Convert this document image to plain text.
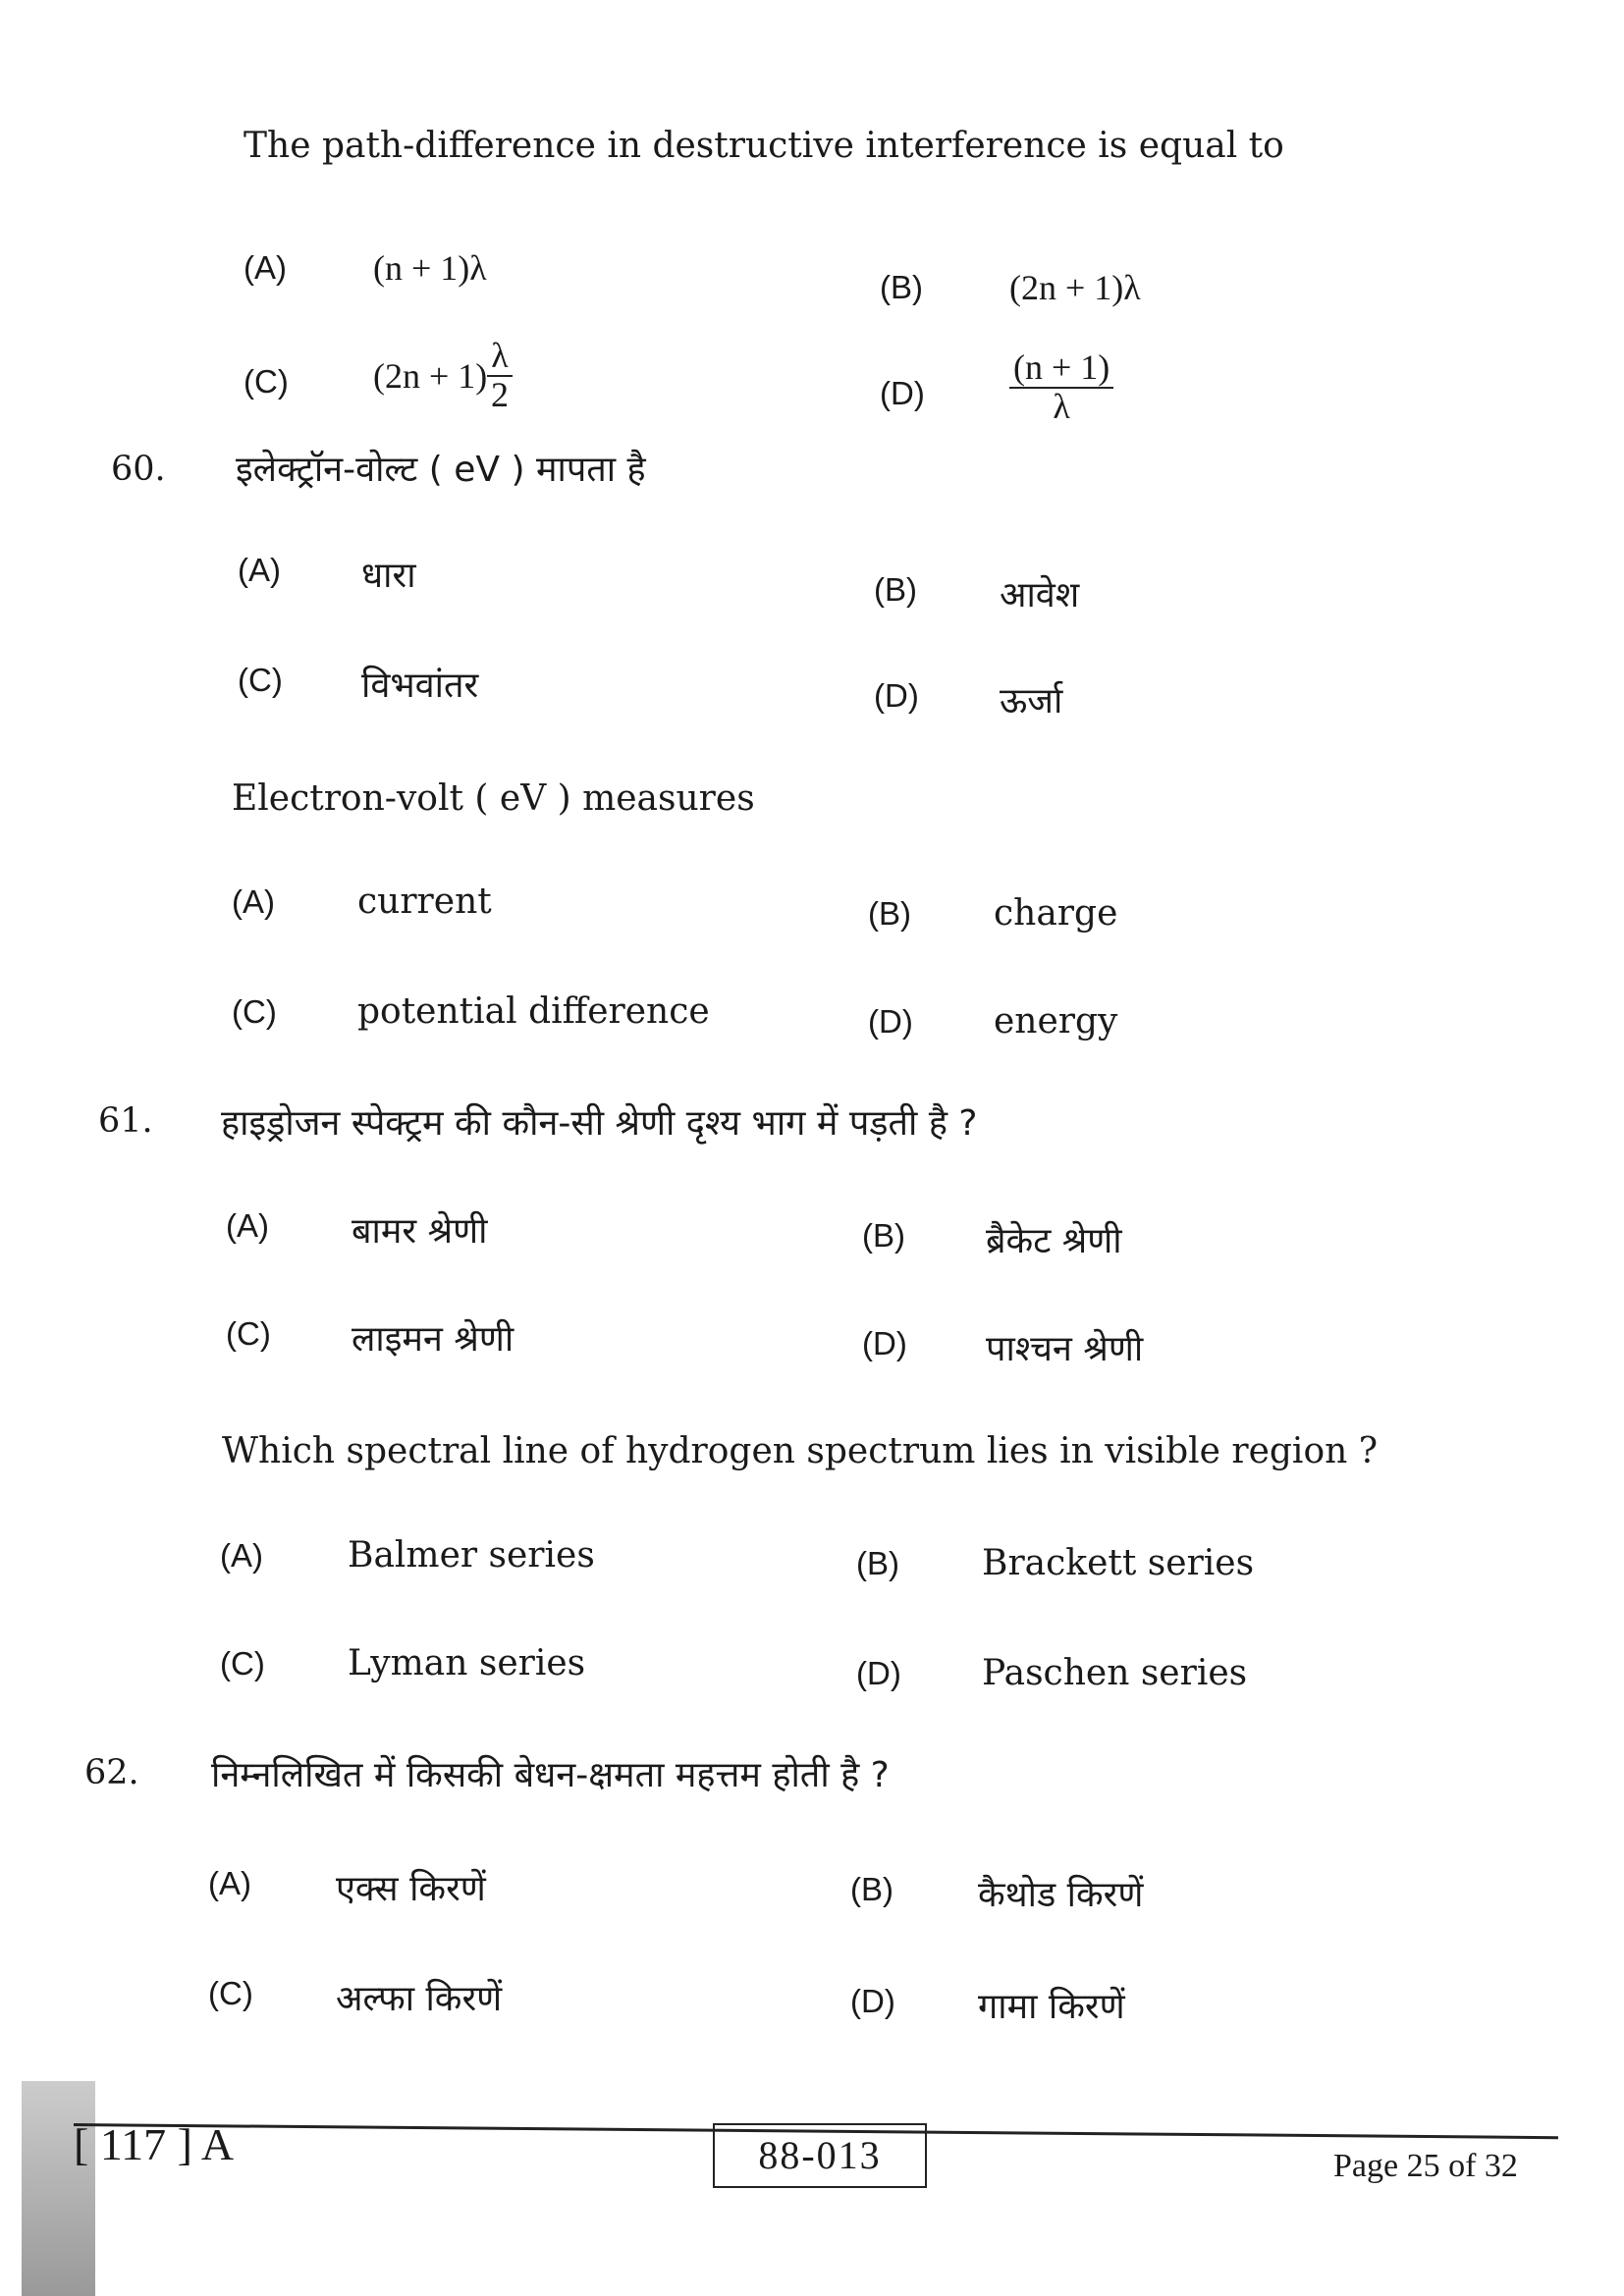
The path-difference in destructive interference is equal to
(A) (n + 1)λ	(B) (2n + 1)λ
(C) $(2n + 1) \frac{\lambda}{2}$	$(D) \frac{(n + 1)}{\lambda}$
60. इलेक्ट्रॉन-वोल्ट ( eV ) मापता है
(A) धारा	(B) आवेश
(C) विभवांतर	(D) ऊर्जा
Electron-volt ( eV ) measures
(A) current	(B) charge
(C) potential difference	(D) energy
61. हाइड्रोजन स्पेक्ट्रम की कौन-सी श्रेणी दृश्य भाग में पड़ती है ?
(A) बामर श्रेणी	(B) ब्रैकेट श्रेणी
(C) लाइमन श्रेणी	(D) पाश्चन श्रेणी
Which spectral line of hydrogen spectrum lies in visible region ?
(A) Balmer series	(B) Brackett series
(C) Lyman series	(D) Paschen series
62. निम्नलिखित में किसकी बेधन-क्षमता महत्तम होती है ?
(A) एक्स किरणें	(B) कैथोड किरणें
(C) अल्फा किरणें	(D) गामा किरणें
[ 117 ] A	88-013	Page 25 of 32
